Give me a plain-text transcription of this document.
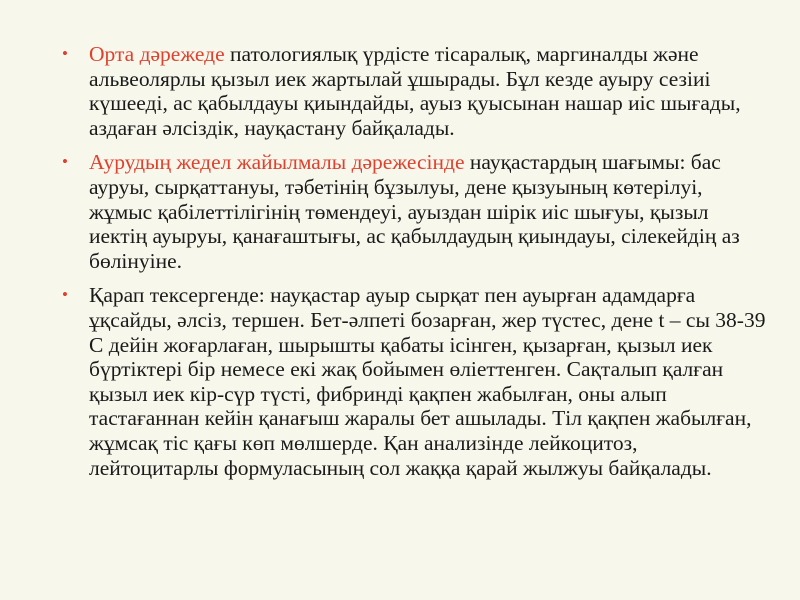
• Орта дәрежеде патологиялық үрдісте тісаралық, маргиналды және альвеолярлы қызыл иек жартылай ұшырады. Бұл кезде ауыру сезіиі күшееді, ас қабылдауы қиындайды, ауыз қуысынан нашар иіс шығады, аздаған әлсіздік, науқастану байқалады.
• Аурудың жедел жайылмалы дәрежесінде науқастардың шағымы: бас ауруы, сырқаттануы, тәбетінің бұзылуы, дене қызуының көтерілуі, жұмыс қабілеттілігінің төмендеуі, ауыздан шірік иіс шығуы, қызыл иектің ауыруы, қанағаштығы, ас қабылдаудың қиындауы, сілекейдің аз бөлінуіне.
• Қарап тексергенде: науқастар ауыр сырқат пен ауырған адамдарға ұқсайды, әлсіз, тершен. Бет-әлпеті бозарған, жер түстес, дене t – сы 38-39 С дейін жоғарлаған, шырышты қабаты ісінген, қызарған, қызыл иек бүртіктері бір немесе екі жақ бойымен өлiеттенген. Сақталып қалған қызыл иек кір-сүр түсті, фибринді қақпен жабылған, оны алып тастағаннан кейін қанағыш жаралы бет ашылады. Тіл қақпен жабылған, жұмсақ тіс қағы көп мөлшерде. Қан анализінде лейкоцитоз, лейтоцитарлы формуласының сол жаққа қарай жылжуы байқалады.
